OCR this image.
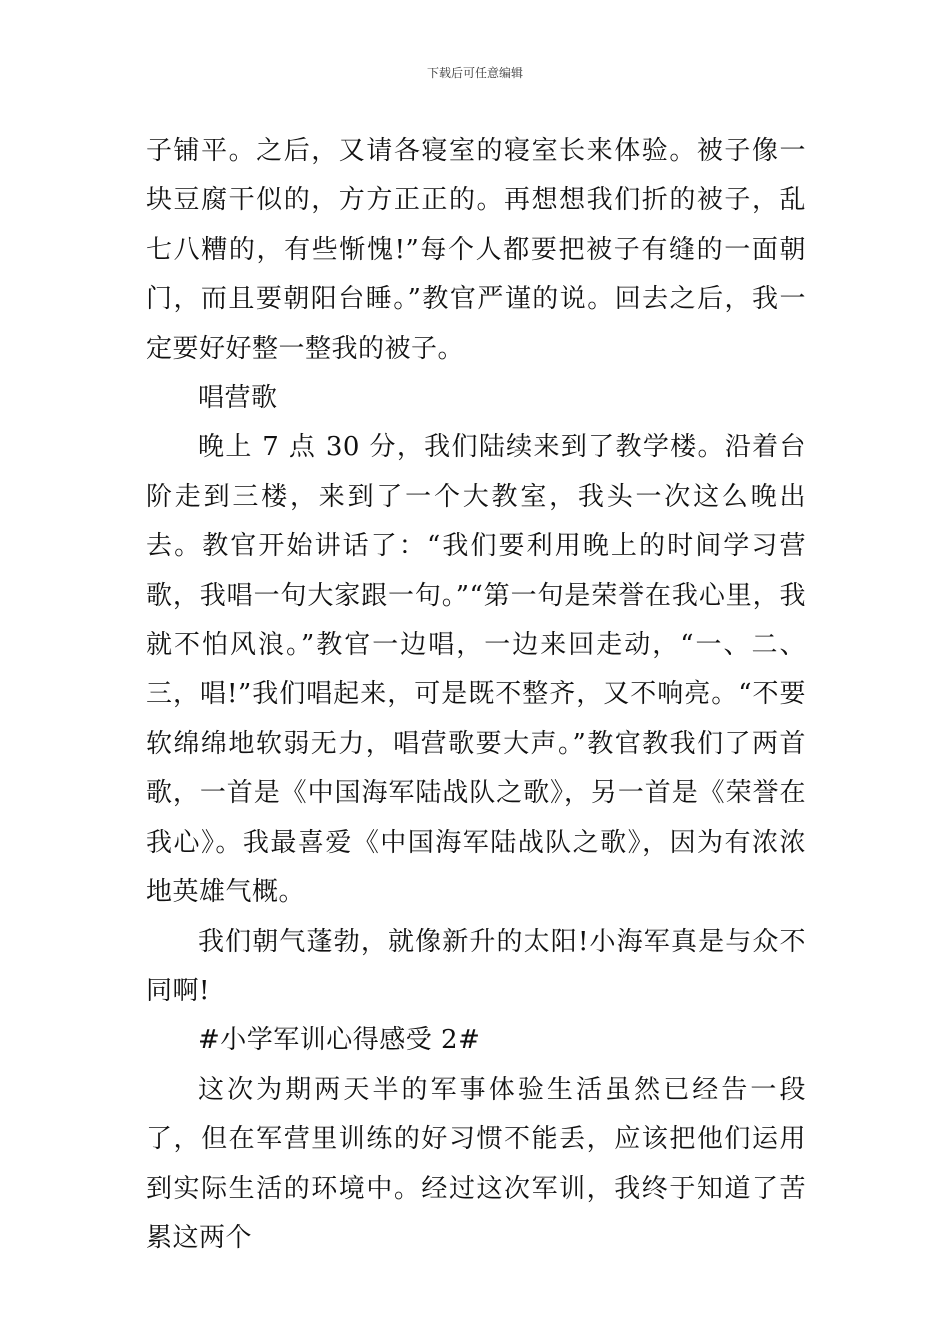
下载后可任意编辑

子铺平。之后，又请各寝室的寝室长来体验。被子像一块豆腐干似的，方方正正的。再想想我们折的被子，乱七八糟的，有些惭愧!”每个人都要把被子有缝的一面朝门，而且要朝阳台睡。”教官严谨的说。回去之后，我一定要好好整一整我的被子。

唱营歌

晚上 7 点 30 分，我们陆续来到了教学楼。沿着台阶走到三楼，来到了一个大教室，我头一次这么晚出去。教官开始讲话了：“我们要利用晚上的时间学习营歌，我唱一句大家跟一句。”“第一句是荣誉在我心里，我就不怕风浪。”教官一边唱，一边来回走动，“一、二、三，唱!”我们唱起来，可是既不整齐，又不响亮。“不要软绵绵地软弱无力，唱营歌要大声。”教官教我们了两首歌，一首是《中国海军陆战队之歌》，另一首是《荣誉在我心》。我最喜爱《中国海军陆战队之歌》，因为有浓浓地英雄气概。

我们朝气蓬勃，就像新升的太阳!小海军真是与众不同啊!

#小学军训心得感受 2#

这次为期两天半的军事体验生活虽然已经告一段了，但在军营里训练的好习惯不能丢，应该把他们运用到实际生活的环境中。经过这次军训，我终于知道了苦累这两个
